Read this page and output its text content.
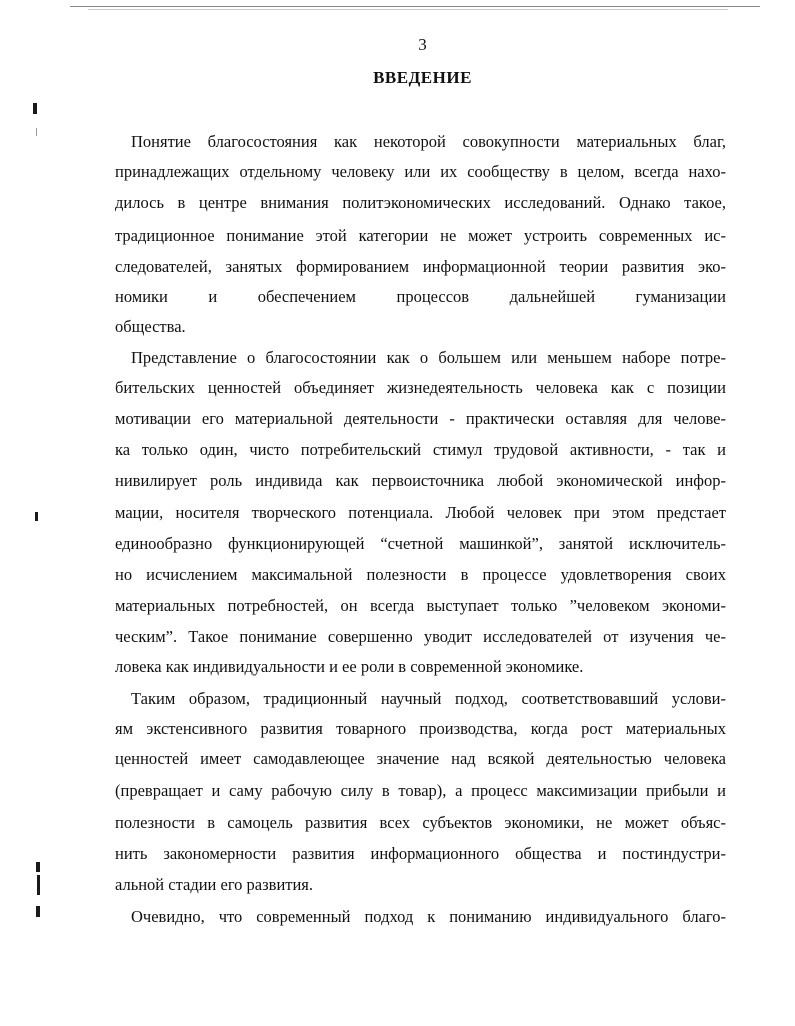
3
ВВЕДЕНИЕ
Понятие благосостояния как некоторой совокупности материальных благ,
принадлежащих отдельному человеку или их сообществу в целом, всегда нахо-
дилось в центре внимания политэкономических исследований. Однако такое,
традиционное понимание этой категории не может устроить современных ис-
следователей, занятых формированием информационной теории развития эко-
номики и обеспечением процессов дальнейшей гуманизации
общества.
Представление о благосостоянии как о большем или меньшем наборе потре-
бительских ценностей объединяет жизнедеятельность человека как с позиции
мотивации его материальной деятельности - практически оставляя для челове-
ка только один, чисто потребительский стимул трудовой активности, - так и
нивилирует роль индивида как первоисточника любой экономической инфор-
мации, носителя творческого потенциала. Любой человек при этом предстает
единообразно функционирующей “счетной машинкой”, занятой исключитель-
но исчислением максимальной полезности в процессе удовлетворения своих
материальных потребностей, он всегда выступает только ”человеком экономи-
ческим”. Такое понимание совершенно уводит исследователей от изучения че-
ловека как индивидуальности и ее роли в современной экономике.
Таким образом, традиционный научный подход, соответствовавший услови-
ям экстенсивного развития товарного производства, когда рост материальных
ценностей имеет самодавлеющее значение над всякой деятельностью человека
(превращает и саму рабочую силу в товар), а процесс максимизации прибыли и
полезности в самоцель развития всех субъектов экономики, не может объяс-
нить закономерности развития информационного общества и постиндустри-
альной стадии его развития.
Очевидно, что современный подход к пониманию индивидуального благо-
